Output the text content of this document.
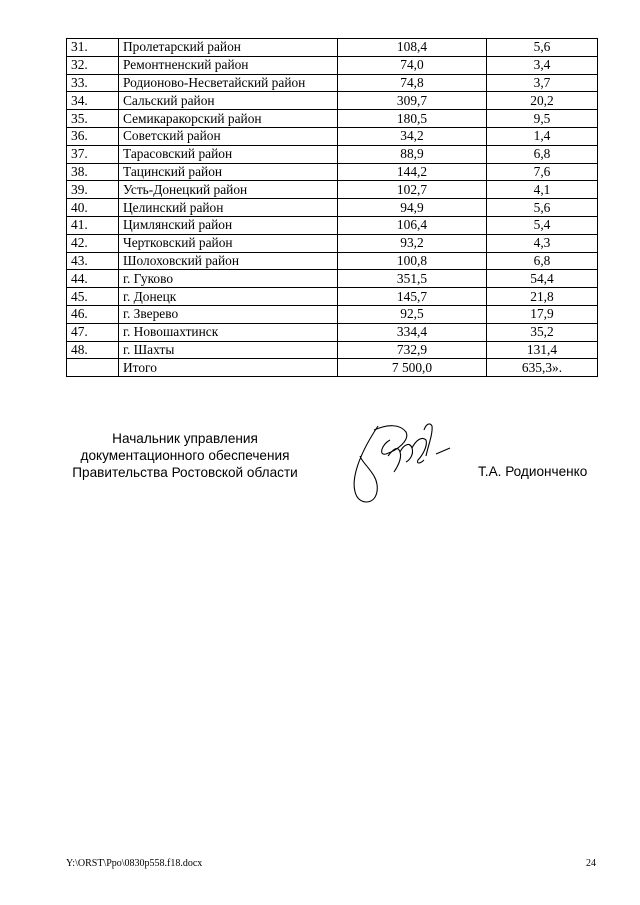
31.	Пролетарский район	108,4	5,6
32.	Ремонтненский район	74,0	3,4
33.	Родионово-Несветайский район	74,8	3,7
34.	Сальский район	309,7	20,2
35.	Семикаракорский район	180,5	9,5
36.	Советский район	34,2	1,4
37.	Тарасовский район	88,9	6,8
38.	Тацинский район	144,2	7,6
39.	Усть-Донецкий район	102,7	4,1
40.	Целинский район	94,9	5,6
41.	Цимлянский район	106,4	5,4
42.	Чертковский район	93,2	4,3
43.	Шолоховский район	100,8	6,8
44.	г. Гуково	351,5	54,4
45.	г. Донецк	145,7	21,8
46.	г. Зверево	92,5	17,9
47.	г. Новошахтинск	334,4	35,2
48.	г. Шахты	732,9	131,4
	Итого	7 500,0	635,3».
Начальник управления
документационного обеспечения
Правительства Ростовской области	Т.А. Родионченко
Y:\ORST\Ppo\0830p558.f18.docx	24
